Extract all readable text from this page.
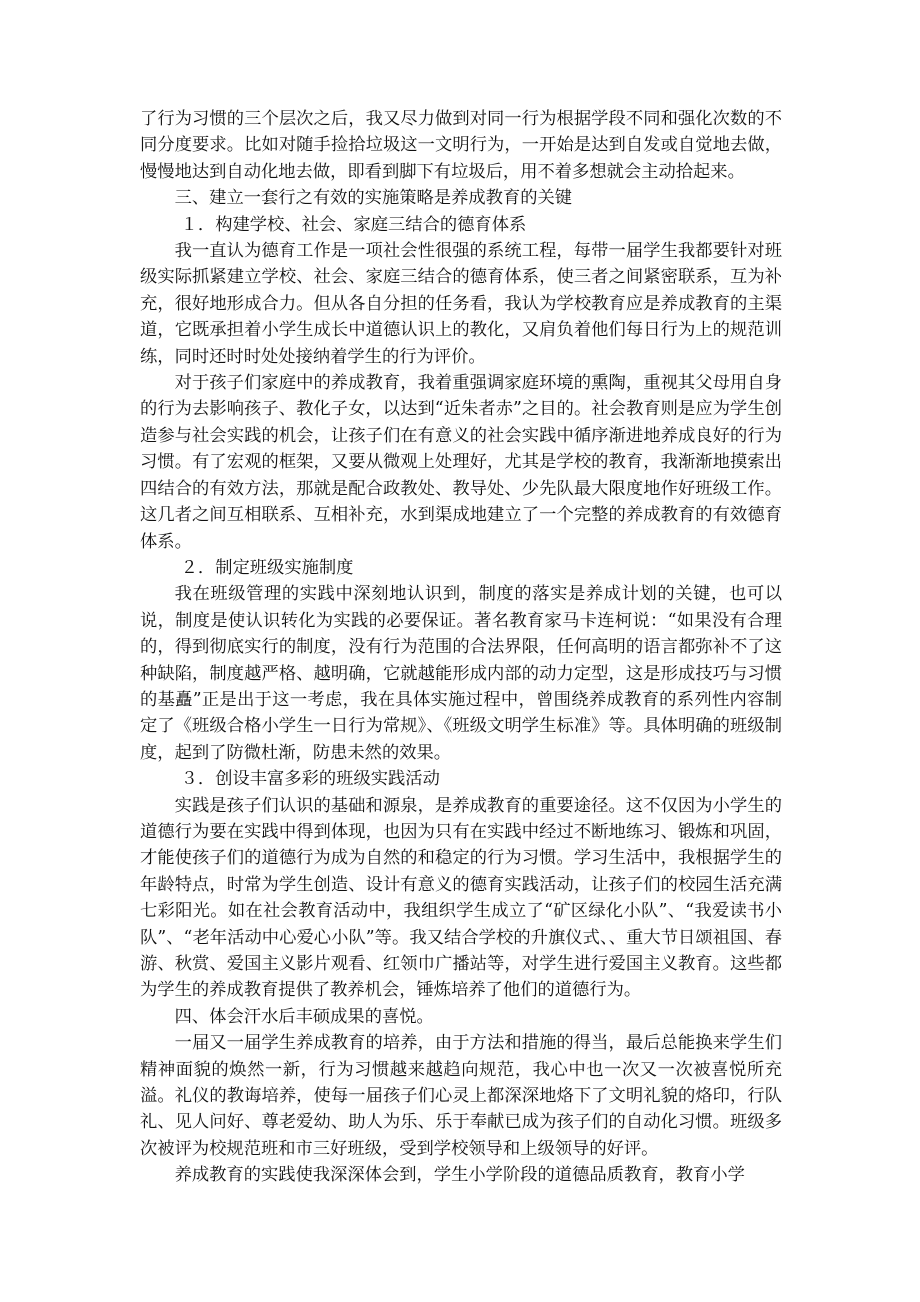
了行为习惯的三个层次之后，我又尽力做到对同一行为根据学段不同和强化次数的不同分度要求。比如对随手捡拾垃圾这一文明行为，一开始是达到自发或自觉地去做，慢慢地达到自动化地去做，即看到脚下有垃圾后，用不着多想就会主动拾起来。

三、建立一套行之有效的实施策略是养成教育的关键

１．构建学校、社会、家庭三结合的德育体系

我一直认为德育工作是一项社会性很强的系统工程，每带一届学生我都要针对班级实际抓紧建立学校、社会、家庭三结合的德育体系，使三者之间紧密联系，互为补充，很好地形成合力。但从各自分担的任务看，我认为学校教育应是养成教育的主渠道，它既承担着小学生成长中道德认识上的教化，又肩负着他们每日行为上的规范训练，同时还时时处处接纳着学生的行为评价。

对于孩子们家庭中的养成教育，我着重强调家庭环境的熏陶，重视其父母用自身的行为去影响孩子、教化子女，以达到“近朱者赤”之目的。社会教育则是应为学生创造参与社会实践的机会，让孩子们在有意义的社会实践中循序渐进地养成良好的行为习惯。有了宏观的框架，又要从微观上处理好，尤其是学校的教育，我渐渐地摸索出四结合的有效方法，那就是配合政教处、教导处、少先队最大限度地作好班级工作。这几者之间互相联系、互相补充，水到渠成地建立了一个完整的养成教育的有效德育体系。

２．制定班级实施制度

我在班级管理的实践中深刻地认识到，制度的落实是养成计划的关键，也可以说，制度是使认识转化为实践的必要保证。著名教育家马卡连柯说：“如果没有合理的，得到彻底实行的制度，没有行为范围的合法界限，任何高明的语言都弥补不了这种缺陷，制度越严格、越明确，它就越能形成内部的动力定型，这是形成技巧与习惯的基矗”正是出于这一考虑，我在具体实施过程中，曾围绕养成教育的系列性内容制定了《班级合格小学生一日行为常规》、《班级文明学生标准》等。具体明确的班级制度，起到了防微杜渐，防患未然的效果。

３．创设丰富多彩的班级实践活动

实践是孩子们认识的基础和源泉，是养成教育的重要途径。这不仅因为小学生的道德行为要在实践中得到体现，也因为只有在实践中经过不断地练习、锻炼和巩固，才能使孩子们的道德行为成为自然的和稳定的行为习惯。学习生活中，我根据学生的年龄特点，时常为学生创造、设计有意义的德育实践活动，让孩子们的校园生活充满七彩阳光。如在社会教育活动中，我组织学生成立了“矿区绿化小队”、“我爱读书小队”、“老年活动中心爱心小队”等。我又结合学校的升旗仪式、、重大节日颂祖国、春游、秋赏、爱国主义影片观看、红领巾广播站等，对学生进行爱国主义教育。这些都为学生的养成教育提供了教养机会，锤炼培养了他们的道德行为。

四、体会汗水后丰硕成果的喜悦。

一届又一届学生养成教育的培养，由于方法和措施的得当，最后总能换来学生们精神面貌的焕然一新，行为习惯越来越趋向规范，我心中也一次又一次被喜悦所充溢。礼仪的教诲培养，使每一届孩子们心灵上都深深地烙下了文明礼貌的烙印，行队礼、见人问好、尊老爱幼、助人为乐、乐于奉献已成为孩子们的自动化习惯。班级多次被评为校规范班和市三好班级，受到学校领导和上级领导的好评。

养成教育的实践使我深深体会到，学生小学阶段的道德品质教育，教育小学
